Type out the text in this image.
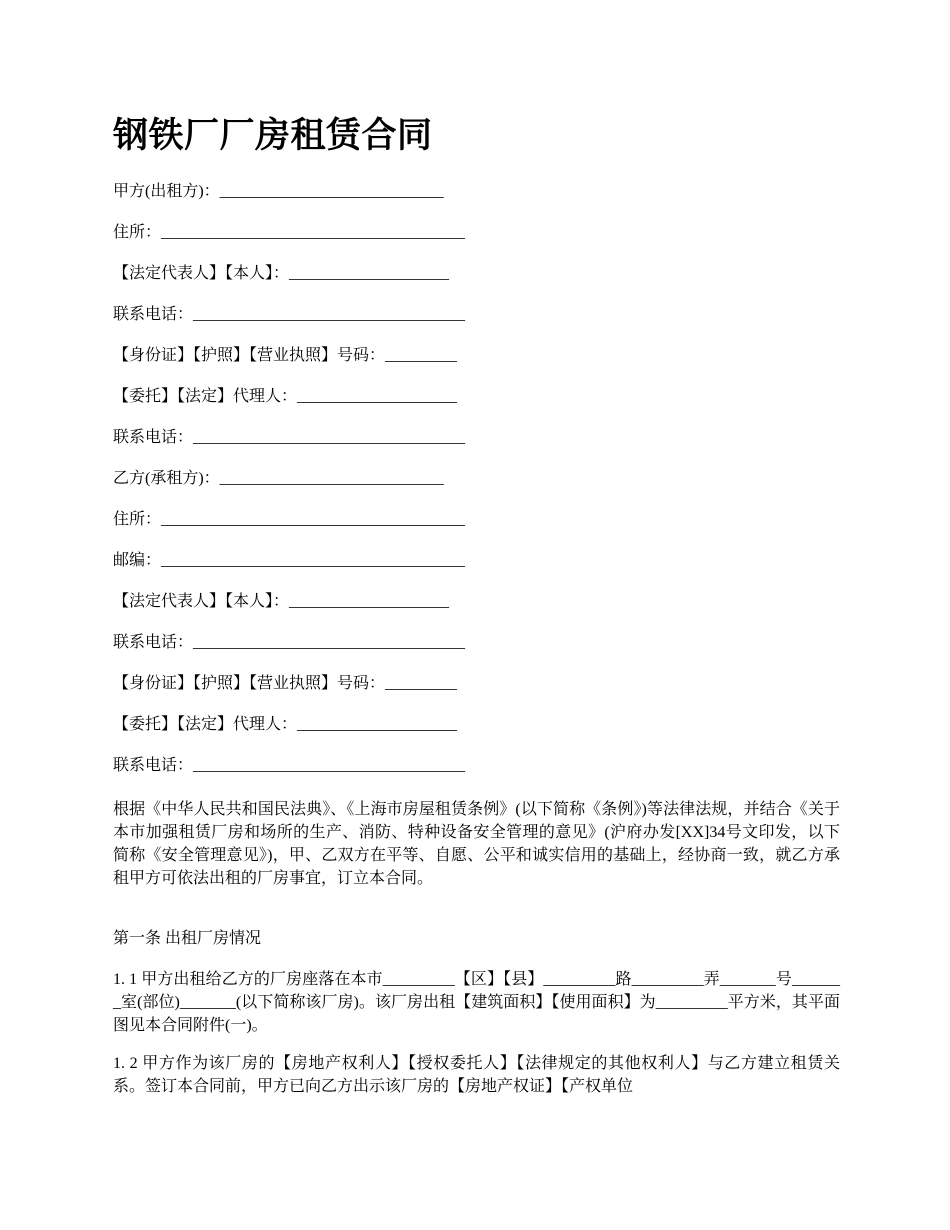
钢铁厂厂房租赁合同
甲方(出租方)：____________________________
住所：______________________________________
【法定代表人】【本人】：____________________
联系电话：__________________________________
【身份证】【护照】【营业执照】号码：_________
【委托】【法定】代理人：____________________
联系电话：__________________________________
乙方(承租方)：____________________________
住所：______________________________________
邮编：______________________________________
【法定代表人】【本人】：____________________
联系电话：__________________________________
【身份证】【护照】【营业执照】号码：_________
【委托】【法定】代理人：____________________
联系电话：__________________________________

根据《中华人民共和国民法典》、《上海市房屋租赁条例》(以下简称《条例》)等法律法规，并结合《关于本市加强租赁厂房和场所的生产、消防、特种设备安全管理的意见》(沪府办发[XX]34号文印发，以下简称《安全管理意见》)，甲、乙双方在平等、自愿、公平和诚实信用的基础上，经协商一致，就乙方承租甲方可依法出租的厂房事宜，订立本合同。

第一条 出租厂房情况

1. 1 甲方出租给乙方的厂房座落在本市_________【区】【县】_________路_________弄_______号_______室(部位)_______(以下简称该厂房)。该厂房出租【建筑面积】【使用面积】为_________平方米，其平面图见本合同附件(一)。

1. 2 甲方作为该厂房的【房地产权利人】【授权委托人】【法律规定的其他权利人】与乙方建立租赁关系。签订本合同前，甲方已向乙方出示该厂房的【房地产权证】【产权单位
